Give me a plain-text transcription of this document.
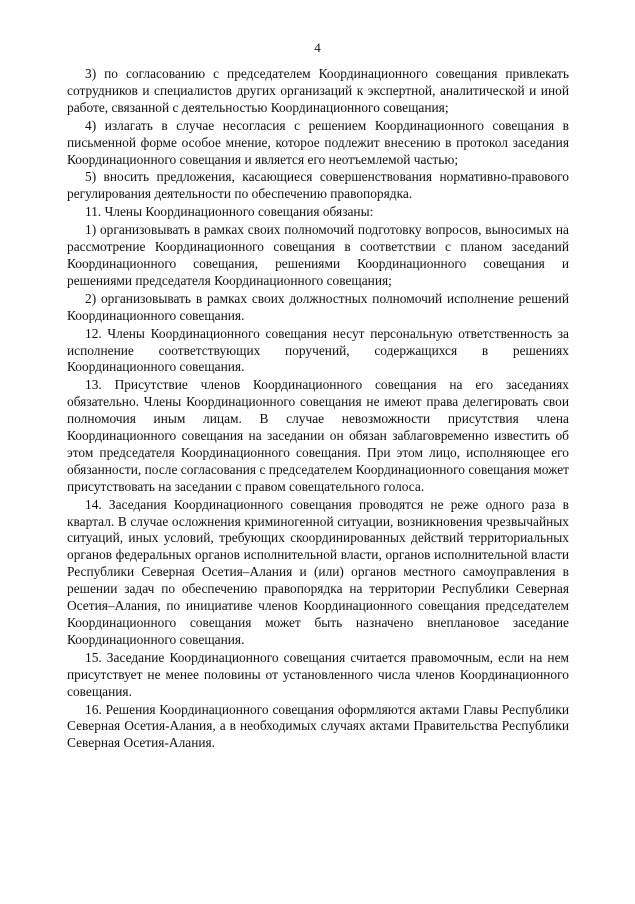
4

3) по согласованию с председателем Координационного совещания привлекать сотрудников и специалистов других организаций к экспертной, аналитической и иной работе, связанной с деятельностью Координационного совещания;

4) излагать в случае несогласия с решением Координационного совещания в письменной форме особое мнение, которое подлежит внесению в протокол заседания Координационного совещания и является его неотъемлемой частью;

5) вносить предложения, касающиеся совершенствования нормативно-правового регулирования деятельности по обеспечению правопорядка.

11. Члены Координационного совещания обязаны:

1) организовывать в рамках своих полномочий подготовку вопросов, выносимых на рассмотрение Координационного совещания в соответствии с планом заседаний Координационного совещания, решениями Координационного совещания и решениями председателя Координационного совещания;

2) организовывать в рамках своих должностных полномочий исполнение решений Координационного совещания.

12. Члены Координационного совещания несут персональную ответственность за исполнение соответствующих поручений, содержащихся в решениях Координационного совещания.

13. Присутствие членов Координационного совещания на его заседаниях обязательно. Члены Координационного совещания не имеют права делегировать свои полномочия иным лицам. В случае невозможности присутствия члена Координационного совещания на заседании он обязан заблаговременно известить об этом председателя Координационного совещания. При этом лицо, исполняющее его обязанности, после согласования с председателем Координационного совещания может присутствовать на заседании с правом совещательного голоса.

14. Заседания Координационного совещания проводятся не реже одного раза в квартал. В случае осложнения криминогенной ситуации, возникновения чрезвычайных ситуаций, иных условий, требующих скоординированных действий территориальных органов федеральных органов исполнительной власти, органов исполнительной власти Республики Северная Осетия–Алания и (или) органов местного самоуправления в решении задач по обеспечению правопорядка на территории Республики Северная Осетия–Алания, по инициативе членов Координационного совещания председателем Координационного совещания может быть назначено внеплановое заседание Координационного совещания.

15. Заседание Координационного совещания считается правомочным, если на нем присутствует не менее половины от установленного числа членов Координационного совещания.

16. Решения Координационного совещания оформляются актами Главы Республики Северная Осетия-Алания, а в необходимых случаях актами Правительства Республики Северная Осетия-Алания.
